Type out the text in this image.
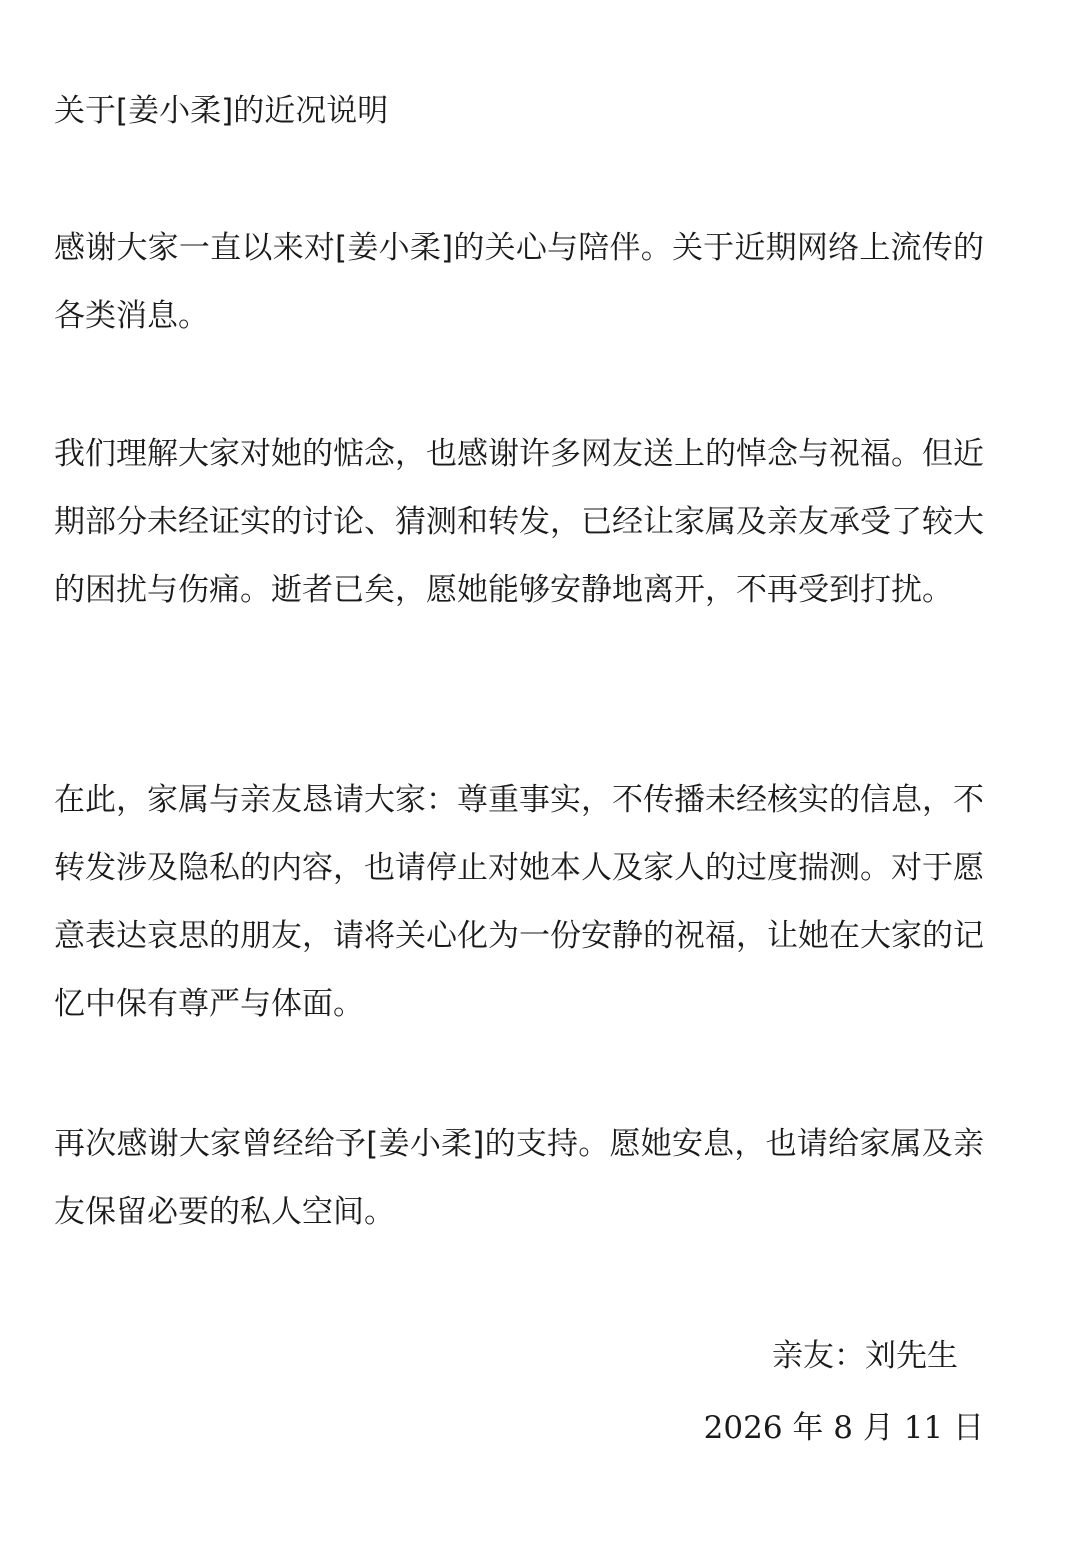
关于[姜小柔]的近况说明

感谢大家一直以来对[姜小柔]的关心与陪伴。关于近期网络上流传的各类消息。

我们理解大家对她的惦念，也感谢许多网友送上的悼念与祝福。但近期部分未经证实的讨论、猜测和转发，已经让家属及亲友承受了较大的困扰与伤痛。逝者已矣，愿她能够安静地离开，不再受到打扰。

在此，家属与亲友恳请大家：尊重事实，不传播未经核实的信息，不转发涉及隐私的内容，也请停止对她本人及家人的过度揣测。对于愿意表达哀思的朋友，请将关心化为一份安静的祝福，让她在大家的记忆中保有尊严与体面。

再次感谢大家曾经给予[姜小柔]的支持。愿她安息，也请给家属及亲友保留必要的私人空间。

亲友：刘先生
2026 年 8 月 11 日
